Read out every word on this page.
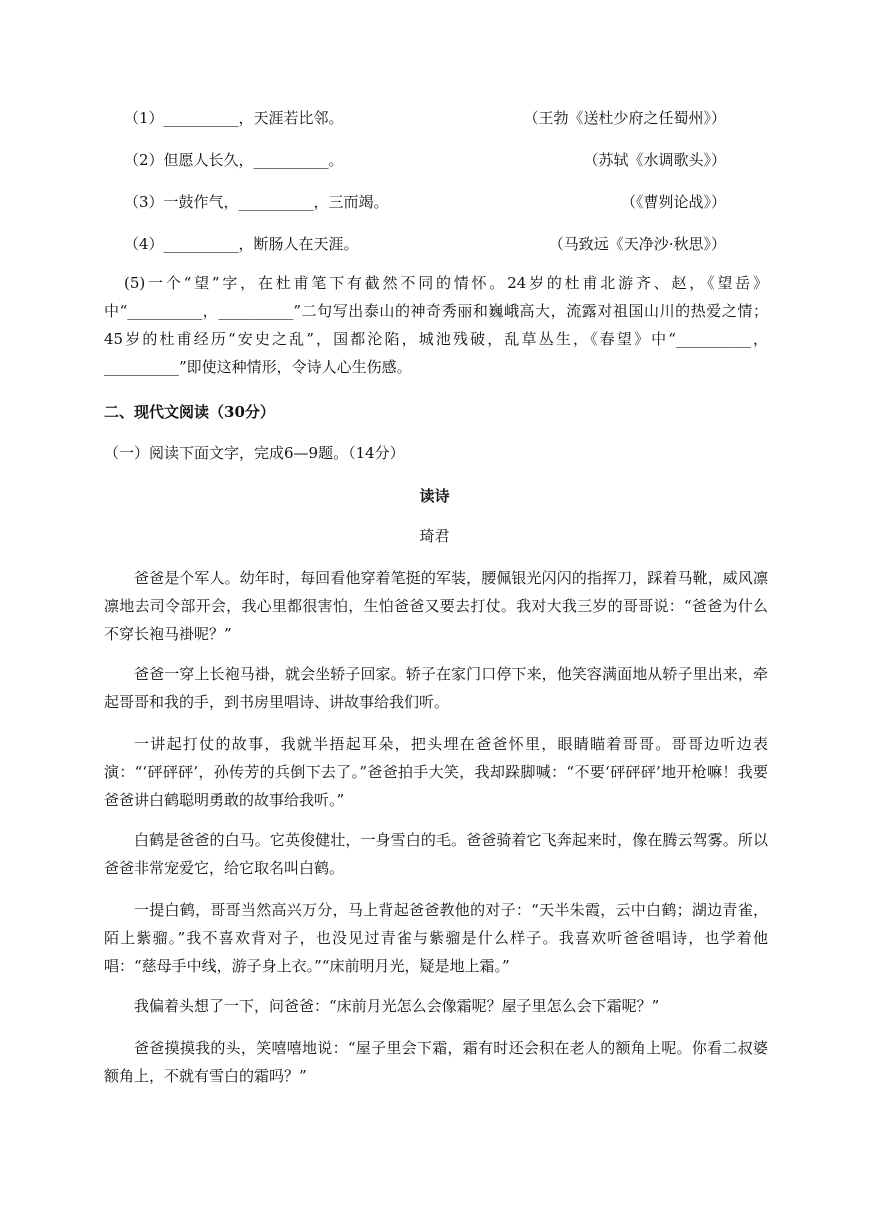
（1）__________，天涯若比邻。	（王勃《送杜少府之任蜀州》）
（2）但愿人长久，__________。	（苏轼《水调歌头》）
（3）一鼓作气，__________，三而竭。	（《曹刿论战》）
（4）__________，断肠人在天涯。	（马致远《天净沙·秋思》）
(5)一个“望”字，在杜甫笔下有截然不同的情怀。24岁的杜甫北游齐、赵，《望岳》中“__________，__________”二句写出泰山的神奇秀丽和巍峨高大，流露对祖国山川的热爱之情；45岁的杜甫经历“安史之乱”，国都沦陷，城池残破，乱草丛生，《春望》中“__________，__________”即使这种情形，令诗人心生伤感。
二、现代文阅读（30分）
（一）阅读下面文字，完成6—9题。（14分）
读诗
琦君
爸爸是个军人。幼年时，每回看他穿着笔挺的军装，腰佩银光闪闪的指挥刀，踩着马靴，威风凛凛地去司令部开会，我心里都很害怕，生怕爸爸又要去打仗。我对大我三岁的哥哥说：“爸爸为什么不穿长袍马褂呢？”
爸爸一穿上长袍马褂，就会坐轿子回家。轿子在家门口停下来，他笑容满面地从轿子里出来，牵起哥哥和我的手，到书房里唱诗、讲故事给我们听。
一讲起打仗的故事，我就半捂起耳朵，把头埋在爸爸怀里，眼睛瞄着哥哥。哥哥边听边表演：“‘砰砰砰’，孙传芳的兵倒下去了。”爸爸拍手大笑，我却跺脚喊：“不要‘砰砰砰’地开枪嘛！我要爸爸讲白鹤聪明勇敢的故事给我听。”
白鹤是爸爸的白马。它英俊健壮，一身雪白的毛。爸爸骑着它飞奔起来时，像在腾云驾雾。所以爸爸非常宠爱它，给它取名叫白鹤。
一提白鹤，哥哥当然高兴万分，马上背起爸爸教他的对子：“天半朱霞，云中白鹤；湖边青雀，陌上紫骝。”我不喜欢背对子，也没见过青雀与紫骝是什么样子。我喜欢听爸爸唱诗，也学着他唱：“慈母手中线，游子身上衣。”“床前明月光，疑是地上霜。”
我偏着头想了一下，问爸爸：“床前月光怎么会像霜呢？屋子里怎么会下霜呢？”
爸爸摸摸我的头，笑嘻嘻地说：“屋子里会下霜，霜有时还会积在老人的额角上呢。你看二叔婆额角上，不就有雪白的霜吗？”
